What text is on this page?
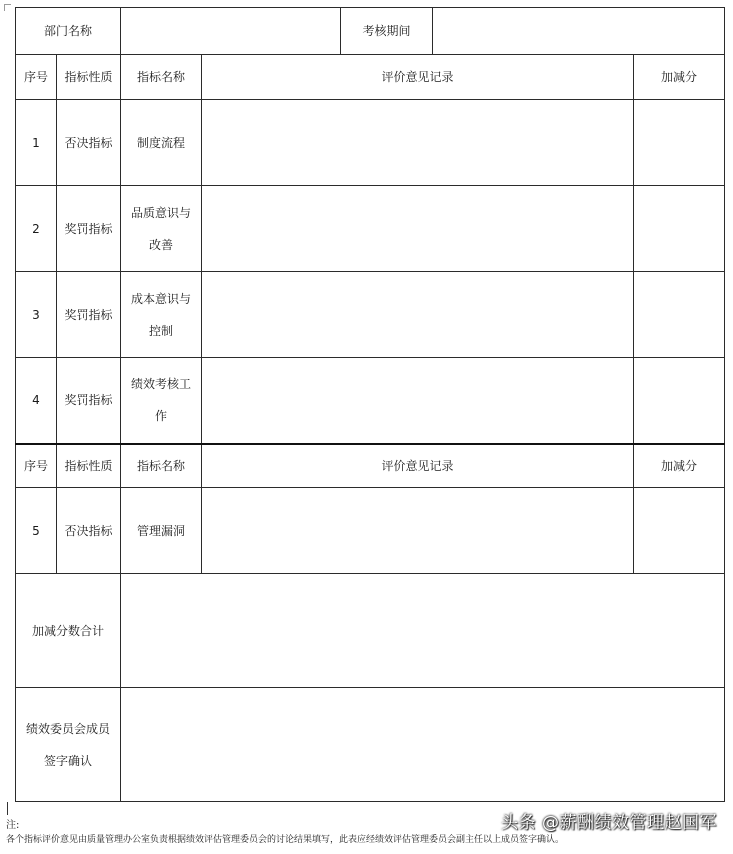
部门名称				考核期间		
序号	指标性质	指标名称	评价意见记录			加减分
1	否决指标	制度流程				
2	奖罚指标	品质意识与
改善				

3	奖罚指标	成本意识与
控制				

4	奖罚指标	绩效考核工
作				

序号	指标性质	指标名称	评价意见记录			加减分
5	否决指标	管理漏洞				
加减分数合计						

绩效委员会成员
签字确认						

注:
各个指标评价意见由质量管理办公室负责根据绩效评估管理委员会的讨论结果填写，此表应经绩效评估管理委员会副主任以上成员签字确认。
头条 @薪酬绩效管理赵国军
